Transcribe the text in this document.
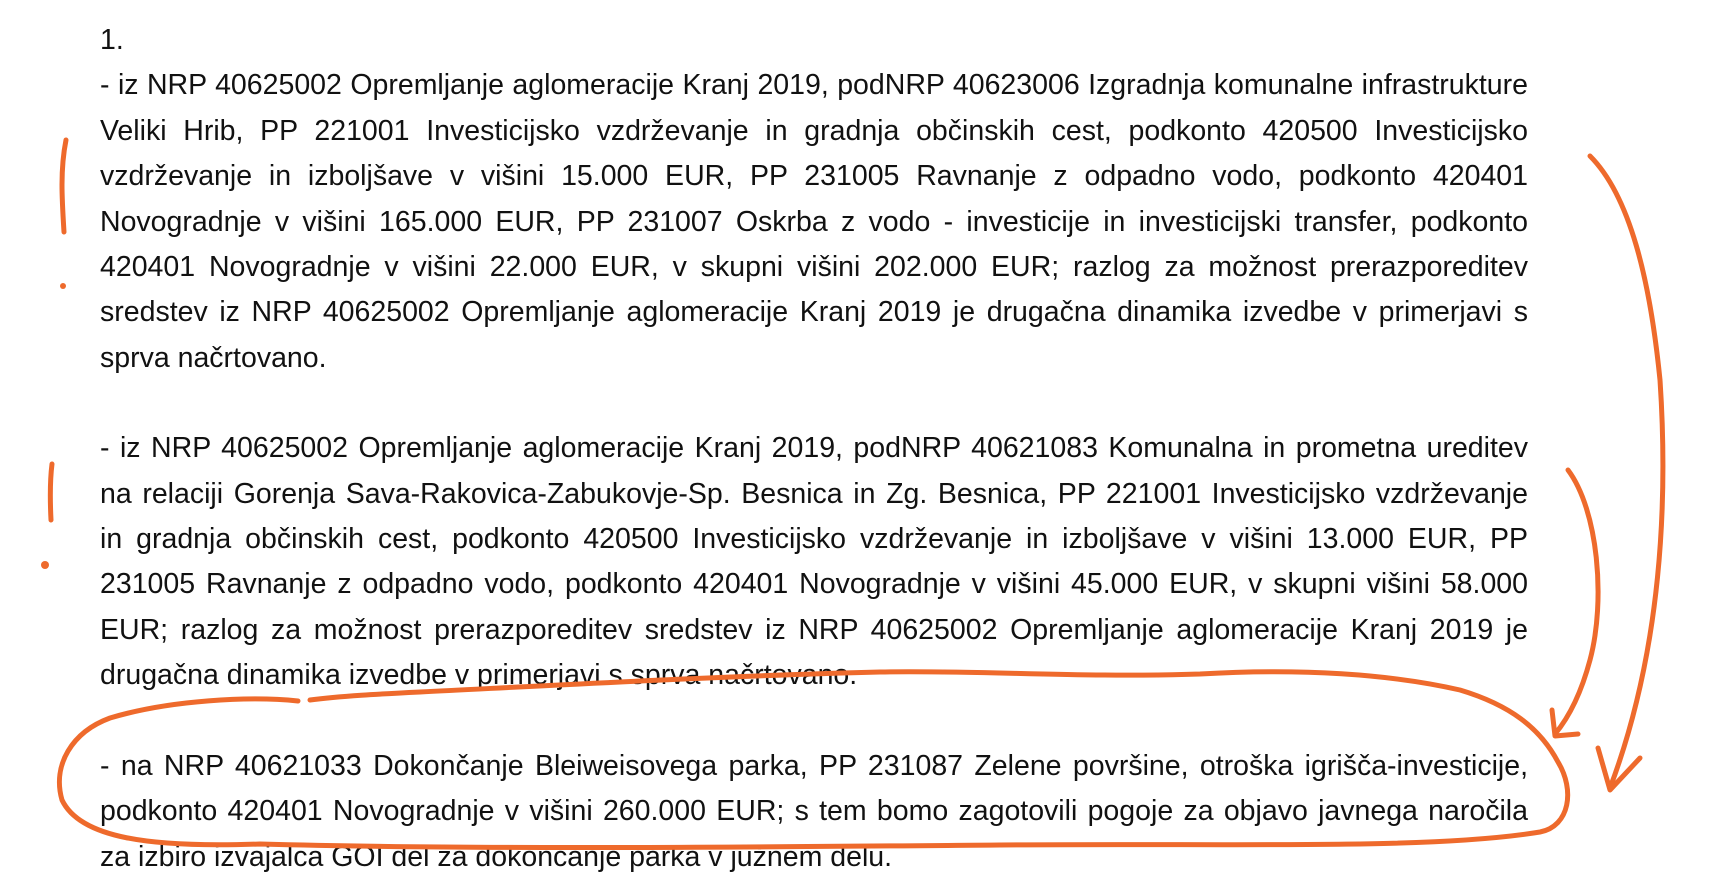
1.

- iz NRP 40625002 Opremljanje aglomeracije Kranj 2019, podNRP 40623006 Izgradnja komunalne infrastrukture Veliki Hrib, PP 221001 Investicijsko vzdrževanje in gradnja občinskih cest, podkonto 420500 Investicijsko vzdrževanje in izboljšave v višini 15.000 EUR, PP 231005 Ravnanje z odpadno vodo, podkonto 420401 Novogradnje v višini 165.000 EUR, PP 231007 Oskrba z vodo - investicije in investicijski transfer, podkonto 420401 Novogradnje v višini 22.000 EUR, v skupni višini 202.000 EUR; razlog za možnost prerazporeditev sredstev iz NRP 40625002 Opremljanje aglomeracije Kranj 2019 je drugačna dinamika izvedbe v primerjavi s sprva načrtovano.

- iz NRP 40625002 Opremljanje aglomeracije Kranj 2019, podNRP 40621083 Komunalna in prometna ureditev na relaciji Gorenja Sava-Rakovica-Zabukovje-Sp. Besnica in Zg. Besnica, PP 221001 Investicijsko vzdrževanje in gradnja občinskih cest, podkonto 420500 Investicijsko vzdrževanje in izboljšave v višini 13.000 EUR, PP 231005 Ravnanje z odpadno vodo, podkonto 420401 Novogradnje v višini 45.000 EUR, v skupni višini 58.000 EUR; razlog za možnost prerazporeditev sredstev iz NRP 40625002 Opremljanje aglomeracije Kranj 2019 je drugačna dinamika izvedbe v primerjavi s sprva načrtovano.

- na NRP 40621033 Dokončanje Bleiweisovega parka, PP 231087 Zelene površine, otroška igrišča-investicije, podkonto 420401 Novogradnje v višini 260.000 EUR; s tem bomo zagotovili pogoje za objavo javnega naročila za izbiro izvajalca GOI del za dokončanje parka v južnem delu.
